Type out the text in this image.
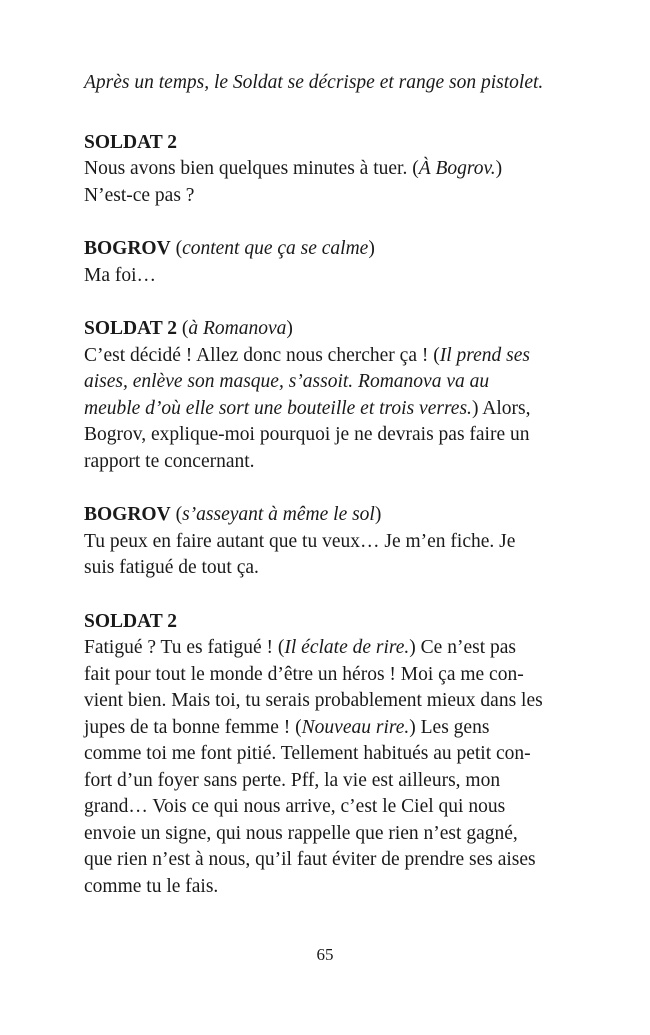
Après un temps, le Soldat se décrispe et range son pistolet.

SOLDAT 2

Nous avons bien quelques minutes à tuer. (À Bogrov.)

N’est-ce pas ?

BOGROV (content que ça se calme)

Ma foi…

SOLDAT 2 (à Romanova)

C’est décidé ! Allez donc nous chercher ça ! (Il prend ses

aises, enlève son masque, s’assoit. Romanova va au

meuble d’où elle sort une bouteille et trois verres.) Alors,

Bogrov, explique-moi pourquoi je ne devrais pas faire un

rapport te concernant.

BOGROV (s’asseyant à même le sol)

Tu peux en faire autant que tu veux… Je m’en fiche. Je

suis fatigué de tout ça.

SOLDAT 2

Fatigué ? Tu es fatigué ! (Il éclate de rire.) Ce n’est pas

fait pour tout le monde d’être un héros ! Moi ça me con-

vient bien. Mais toi, tu serais probablement mieux dans les

jupes de ta bonne femme ! (Nouveau rire.) Les gens

comme toi me font pitié. Tellement habitués au petit con-

fort d’un foyer sans perte. Pff, la vie est ailleurs, mon

grand… Vois ce qui nous arrive, c’est le Ciel qui nous

envoie un signe, qui nous rappelle que rien n’est gagné,

que rien n’est à nous, qu’il faut éviter de prendre ses aises

comme tu le fais.

65
